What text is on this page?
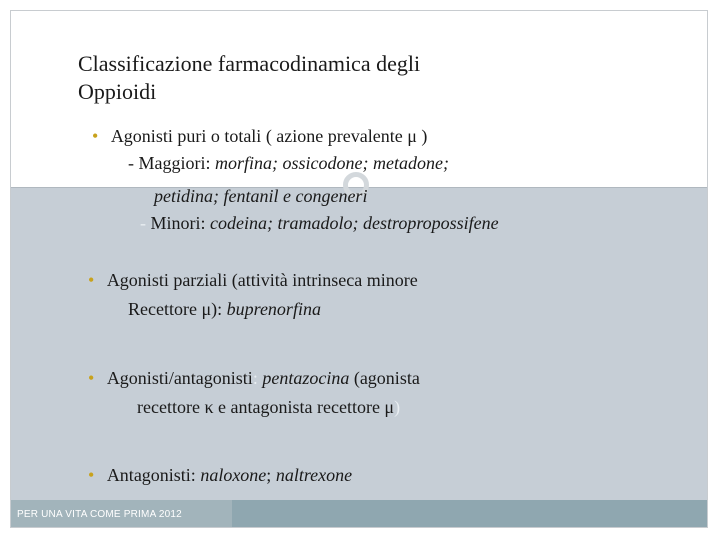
PER UNA VITA COME PRIMA 2012
Classificazione farmacodinamica degli
Oppioidi
• Agonisti puri o totali ( azione prevalente μ )
- Maggiori: morfina; ossicodone; metadone;
petidina; fentanil e congeneri
- Minori: codeina; tramadolo; destropropossifene
• Agonisti parziali (attività intrinseca minore
Recettore μ): buprenorfina
• Agonisti/antagonisti: pentazocina (agonista
recettore κ e antagonista recettore μ)
• Antagonisti: naloxone; naltrexone
